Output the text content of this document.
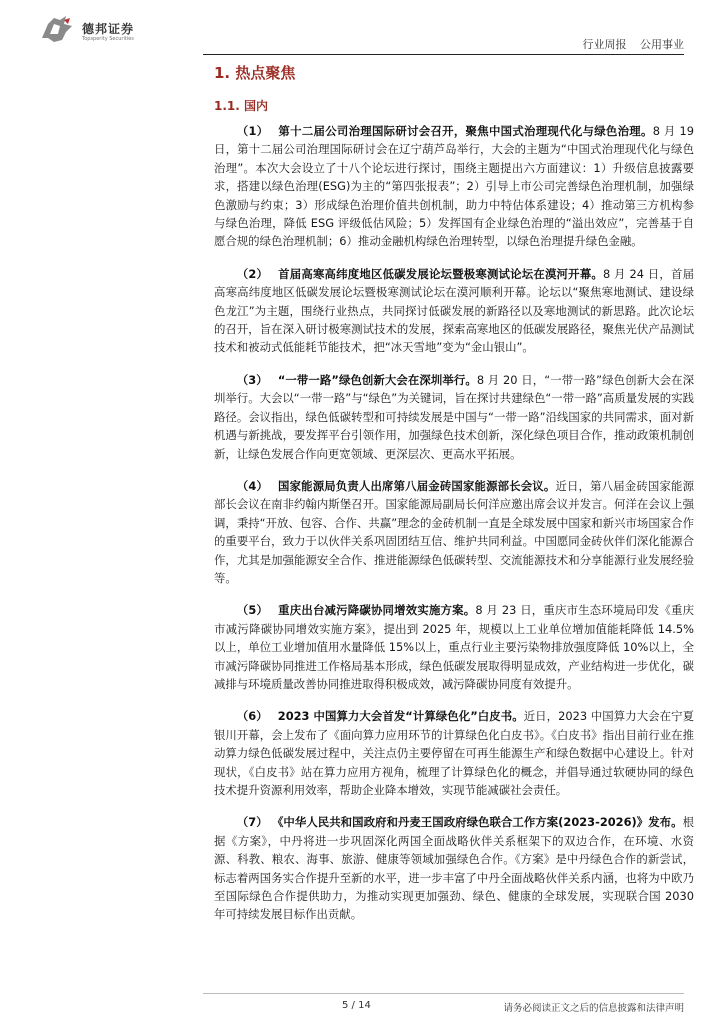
德邦证券
Topsperity Securities	行业周报 公用事业
1. 热点聚焦
1.1. 国内
（1） 第十二届公司治理国际研讨会召开，聚焦中国式治理现代化与绿色治理。8 月 19 日，第十二届公司治理国际研讨会在辽宁葫芦岛举行，大会的主题为“中国式治理现代化与绿色治理”。本次大会设立了十八个论坛进行探讨，围绕主题提出六方面建议：1）升级信息披露要求，搭建以绿色治理(ESG)为主的“第四张报表”；2）引导上市公司完善绿色治理机制，加强绿色激励与约束；3）形成绿色治理价值共创机制，助力中特估体系建设；4）推动第三方机构参与绿色治理，降低 ESG 评级低估风险；5）发挥国有企业绿色治理的“溢出效应”，完善基于自愿合规的绿色治理机制；6）推动金融机构绿色治理转型，以绿色治理提升绿色金融。
（2） 首届高寒高纬度地区低碳发展论坛暨极寒测试论坛在漠河开幕。8 月 24 日，首届高寒高纬度地区低碳发展论坛暨极寒测试论坛在漠河顺利开幕。论坛以“聚焦寒地测试、建设绿色龙江”为主题，围绕行业热点，共同探讨低碳发展的新路径以及寒地测试的新思路。此次论坛的召开，旨在深入研讨极寒测试技术的发展，探索高寒地区的低碳发展路径，聚焦光伏产品测试技术和被动式低能耗节能技术，把“冰天雪地”变为“金山银山”。
（3） “一带一路”绿色创新大会在深圳举行。8 月 20 日，“一带一路”绿色创新大会在深圳举行。大会以“一带一路”与“绿色”为关键词，旨在探讨共建绿色“一带一路”高质量发展的实践路径。会议指出，绿色低碳转型和可持续发展是中国与“一带一路”沿线国家的共同需求，面对新机遇与新挑战，要发挥平台引领作用，加强绿色技术创新，深化绿色项目合作，推动政策机制创新，让绿色发展合作向更宽领域、更深层次、更高水平拓展。
（4） 国家能源局负责人出席第八届金砖国家能源部长会议。近日，第八届金砖国家能源部长会议在南非约翰内斯堡召开。国家能源局副局长何洋应邀出席会议并发言。何洋在会议上强调，秉持“开放、包容、合作、共赢”理念的金砖机制一直是全球发展中国家和新兴市场国家合作的重要平台，致力于以伙伴关系巩固团结互信、维护共同利益。中国愿同金砖伙伴们深化能源合作，尤其是加强能源安全合作、推进能源绿色低碳转型、交流能源技术和分享能源行业发展经验等。
（5） 重庆出台减污降碳协同增效实施方案。8 月 23 日，重庆市生态环境局印发《重庆市减污降碳协同增效实施方案》，提出到 2025 年，规模以上工业单位增加值能耗降低 14.5%以上，单位工业增加值用水量降低 15%以上，重点行业主要污染物排放强度降低 10%以上，全市减污降碳协同推进工作格局基本形成，绿色低碳发展取得明显成效，产业结构进一步优化，碳减排与环境质量改善协同推进取得积极成效，减污降碳协同度有效提升。
（6） 2023 中国算力大会首发“计算绿色化”白皮书。近日，2023 中国算力大会在宁夏银川开幕，会上发布了《面向算力应用环节的计算绿色化白皮书》。《白皮书》指出目前行业在推动算力绿色低碳发展过程中，关注点仍主要停留在可再生能源生产和绿色数据中心建设上。针对现状，《白皮书》站在算力应用方视角，梳理了计算绿色化的概念，并倡导通过软硬协同的绿色技术提升资源利用效率，帮助企业降本增效，实现节能减碳社会责任。
（7） 《中华人民共和国政府和丹麦王国政府绿色联合工作方案(2023-2026)》发布。根据《方案》，中丹将进一步巩固深化两国全面战略伙伴关系框架下的双边合作，在环境、水资源、科教、粮农、海事、旅游、健康等领域加强绿色合作。《方案》是中丹绿色合作的新尝试，标志着两国务实合作提升至新的水平，进一步丰富了中丹全面战略伙伴关系内涵，也将为中欧乃至国际绿色合作提供助力，为推动实现更加强劲、绿色、健康的全球发展，实现联合国 2030 年可持续发展目标作出贡献。
5 / 14	请务必阅读正文之后的信息披露和法律声明
